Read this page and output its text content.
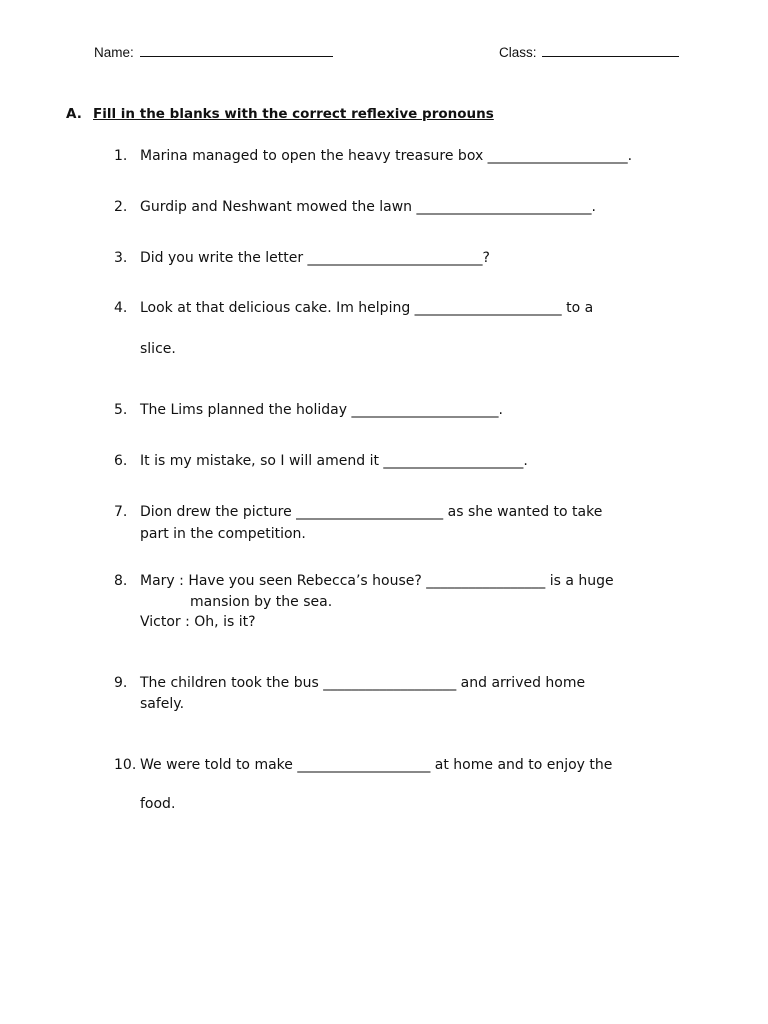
Name:	Class:
A. Fill in the blanks with the correct reflexive pronouns
1. Marina managed to open the heavy treasure box ____________________.
2. Gurdip and Neshwant mowed the lawn _________________________.
3. Did you write the letter _________________________?
4. Look at that delicious cake. Im helping _____________________ to a
slice.
5. The Lims planned the holiday _____________________.
6. It is my mistake, so I will amend it ____________________.
7. Dion drew the picture _____________________ as she wanted to take
part in the competition.
8. Mary : Have you seen Rebecca’s house? _________________ is a huge
mansion by the sea.
Victor : Oh, is it?
9. The children took the bus ___________________ and arrived home
safely.
10. We were told to make ___________________ at home and to enjoy the
food.
